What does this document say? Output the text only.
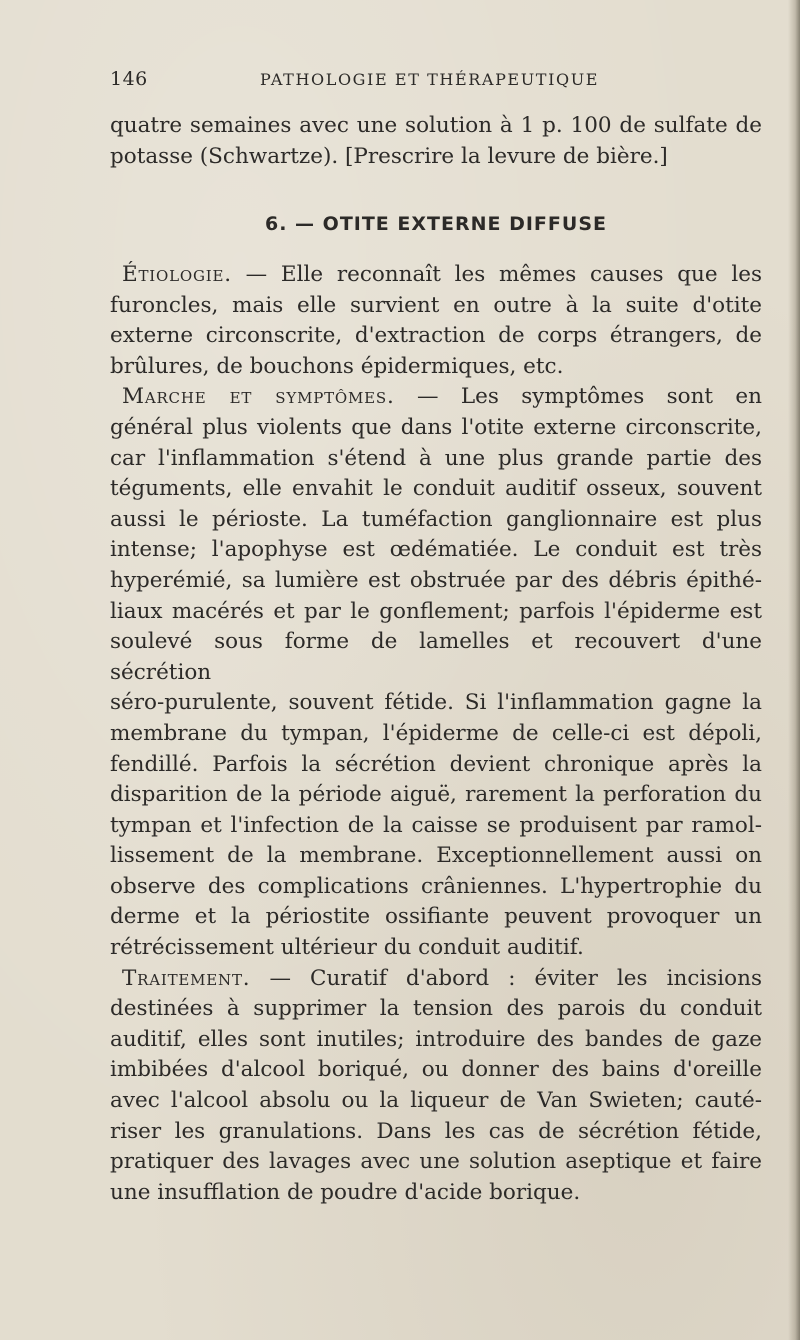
146	PATHOLOGIE ET THÉRAPEUTIQUE
quatre semaines avec une solution à 1 p. 100 de sulfate de
potasse (Schwartze). [Prescrire la levure de bière.]
6. — OTITE EXTERNE DIFFUSE
Étiologie. — Elle reconnaît les mêmes causes que les
furoncles, mais elle survient en outre à la suite d'otite
externe circonscrite, d'extraction de corps étrangers, de
brûlures, de bouchons épidermiques, etc.
Marche et symptômes. — Les symptômes sont en
général plus violents que dans l'otite externe circonscrite,
car l'inflammation s'étend à une plus grande partie des
téguments, elle envahit le conduit auditif osseux, souvent
aussi le périoste. La tuméfaction ganglionnaire est plus
intense; l'apophyse est œdématiée. Le conduit est très
hyperémié, sa lumière est obstruée par des débris épithé-
liaux macérés et par le gonflement; parfois l'épiderme est
soulevé sous forme de lamelles et recouvert d'une sécrétion
séro-purulente, souvent fétide. Si l'inflammation gagne la
membrane du tympan, l'épiderme de celle-ci est dépoli,
fendillé. Parfois la sécrétion devient chronique après la
disparition de la période aiguë, rarement la perforation du
tympan et l'infection de la caisse se produisent par ramol-
lissement de la membrane. Exceptionnellement aussi on
observe des complications crâniennes. L'hypertrophie du
derme et la périostite ossifiante peuvent provoquer un
rétrécissement ultérieur du conduit auditif.
Traitement. — Curatif d'abord : éviter les incisions
destinées à supprimer la tension des parois du conduit
auditif, elles sont inutiles; introduire des bandes de gaze
imbibées d'alcool boriqué, ou donner des bains d'oreille
avec l'alcool absolu ou la liqueur de Van Swieten; cauté-
riser les granulations. Dans les cas de sécrétion fétide,
pratiquer des lavages avec une solution aseptique et faire
une insufflation de poudre d'acide borique.
